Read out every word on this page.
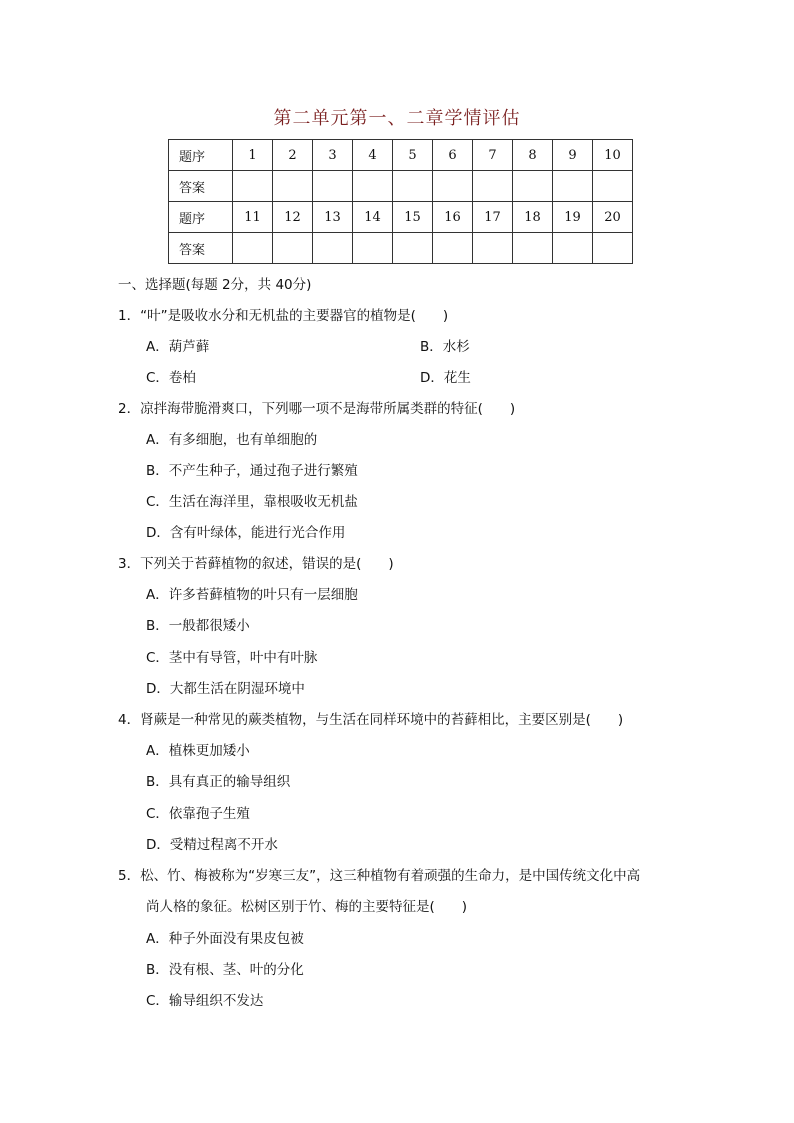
第二单元第一、二章学情评估
题序	1	2	3	4	5	6	7	8	9	10
答案										
题序	11	12	13	14	15	16	17	18	19	20
答案										
一、选择题(每题 2分，共 40分)
1．“叶”是吸收水分和无机盐的主要器官的植物是(　　)
A．葫芦藓	B．水杉
C．卷柏	D．花生
2．凉拌海带脆滑爽口，下列哪一项不是海带所属类群的特征(　　)
A．有多细胞，也有单细胞的
B．不产生种子，通过孢子进行繁殖
C．生活在海洋里，靠根吸收无机盐
D．含有叶绿体，能进行光合作用
3．下列关于苔藓植物的叙述，错误的是(　　)
A．许多苔藓植物的叶只有一层细胞
B．一般都很矮小
C．茎中有导管，叶中有叶脉
D．大都生活在阴湿环境中
4．肾蕨是一种常见的蕨类植物，与生活在同样环境中的苔藓相比，主要区别是(　　)
A．植株更加矮小
B．具有真正的输导组织
C．依靠孢子生殖
D．受精过程离不开水
5．松、竹、梅被称为“岁寒三友”，这三种植物有着顽强的生命力，是中国传统文化中高
尚人格的象征。松树区别于竹、梅的主要特征是(　　)
A．种子外面没有果皮包被
B．没有根、茎、叶的分化
C．输导组织不发达
